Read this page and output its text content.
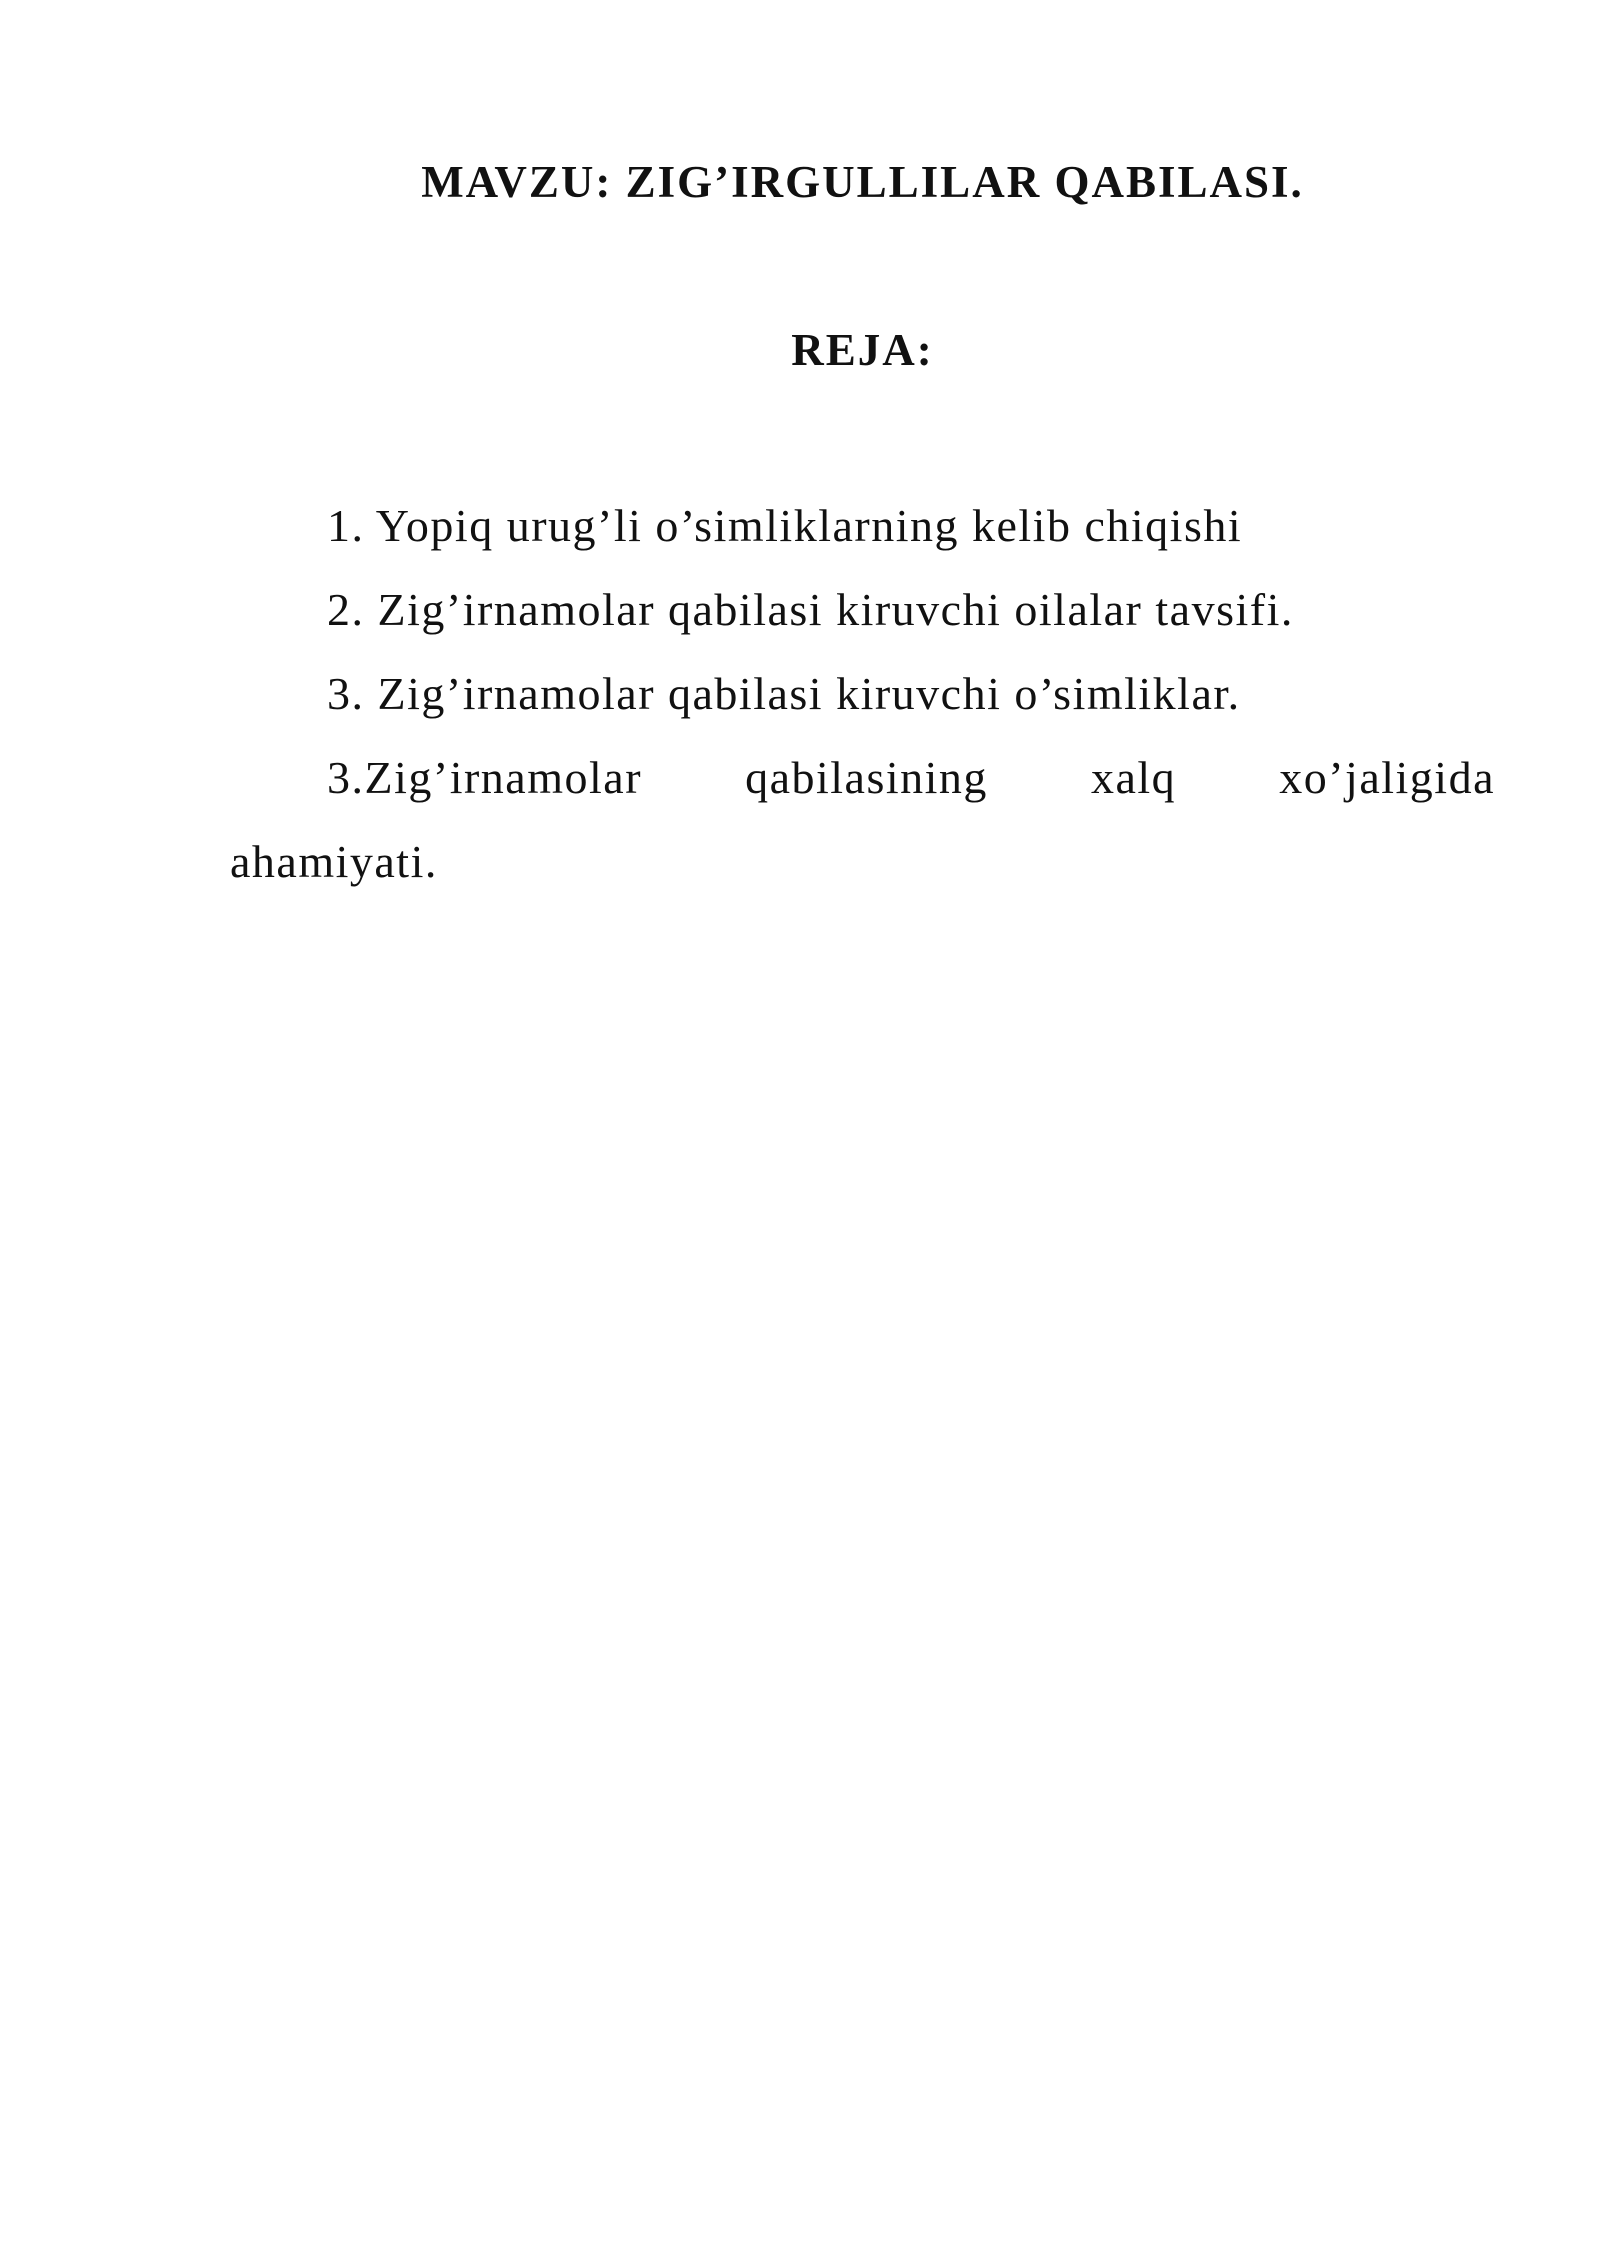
MAVZU: ZIG’IRGULLILAR QABILASI.
REJA:
1. Yopiq urug’li o’simliklarning kelib chiqishi
2. Zig’irnamolar qabilasi kiruvchi oilalar tavsifi.
3. Zig’irnamolar qabilasi kiruvchi o’simliklar.
3.Zig’irnamolar qabilasining xalq xo’jaligida
ahamiyati.
